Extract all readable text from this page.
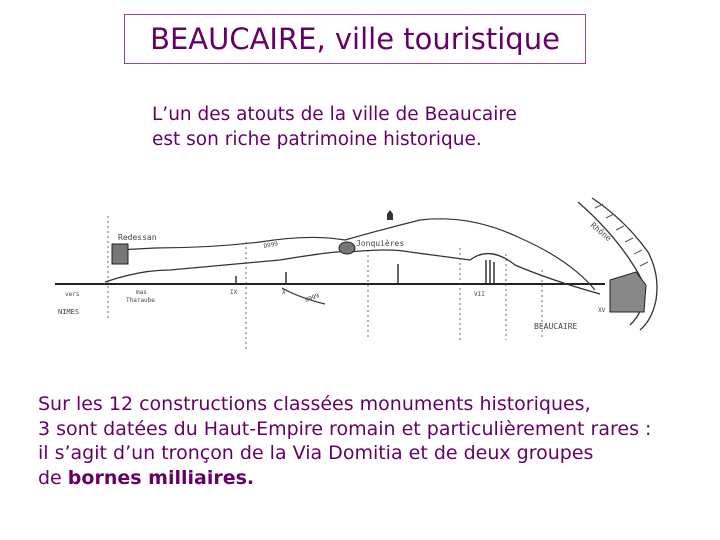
BEAUCAIRE, ville touristique
L’un des atouts de la ville de Beaucaire
est son riche patrimoine historique.
Redessan
Jonquières
vers
NIMES
mas
Tharaube
D999
D999
IX	X	VII
XV
Rhône
BEAUCAIRE
Sur les 12 constructions classées monuments historiques,
3 sont datées du Haut-Empire romain et particulièrement rares :
il s’agit d’un tronçon de la Via Domitia et de deux groupes
de bornes milliaires.
